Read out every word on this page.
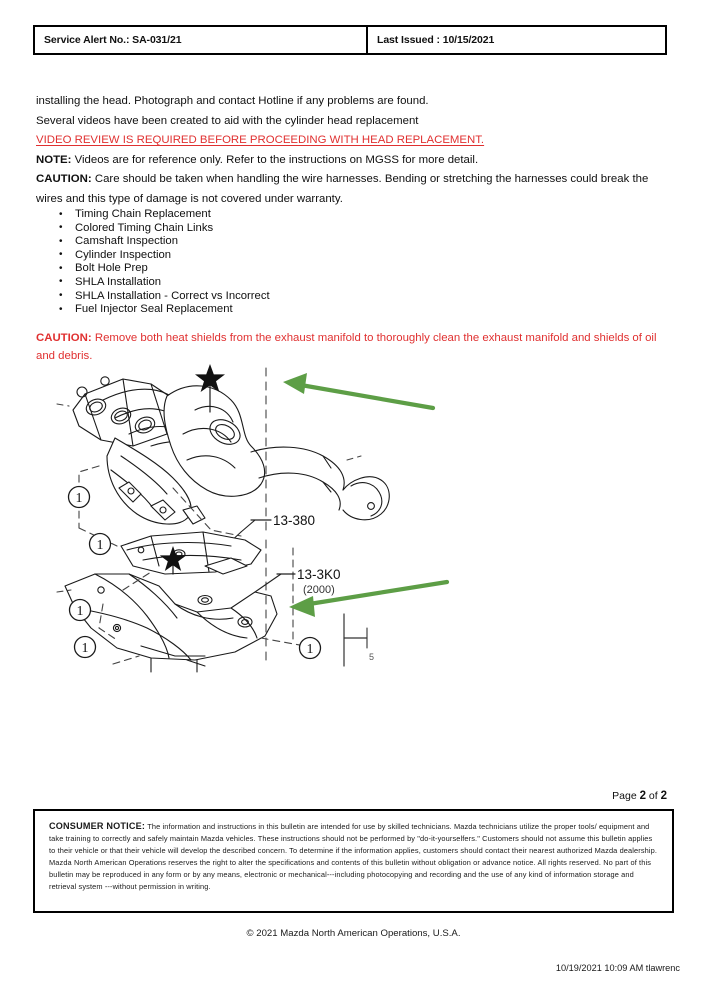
Service Alert No.: SA-031/21	Last Issued : 10/15/2021
installing the head. Photograph and contact Hotline if any problems are found.
Several videos have been created to aid with the cylinder head replacement
VIDEO REVIEW IS REQUIRED BEFORE PROCEEDING WITH HEAD REPLACEMENT.
NOTE: Videos are for reference only. Refer to the instructions on MGSS for more detail.
CAUTION: Care should be taken when handling the wire harnesses. Bending or stretching the harnesses could break the wires and this type of damage is not covered under warranty.
• Timing Chain Replacement
• Colored Timing Chain Links
• Camshaft Inspection
• Cylinder Inspection
• Bolt Hole Prep
• SHLA Installation
• SHLA Installation - Correct vs Incorrect
• Fuel Injector Seal Replacement
CAUTION: Remove both heat shields from the exhaust manifold to thoroughly clean the exhaust manifold and shields of oil and debris.
1
1
1
1	1
13-380
13-3K0
(2000)
5
Page 2 of 2
CONSUMER NOTICE: The information and instructions in this bulletin are intended for use by skilled technicians. Mazda technicians utilize the proper tools/ equipment and take training to correctly and safely maintain Mazda vehicles. These instructions should not be performed by "do-it-yourselfers." Customers should not assume this bulletin applies to their vehicle or that their vehicle will develop the described concern. To determine if the information applies, customers should contact their nearest authorized Mazda dealership. Mazda North American Operations reserves the right to alter the specifications and contents of this bulletin without obligation or advance notice. All rights reserved. No part of this bulletin may be reproduced in any form or by any means, electronic or mechanical---including photocopying and recording and the use of any kind of information storage and retrieval system ---without permission in writing.
© 2021 Mazda North American Operations, U.S.A.
10/19/2021 10:09 AM tlawrenc
